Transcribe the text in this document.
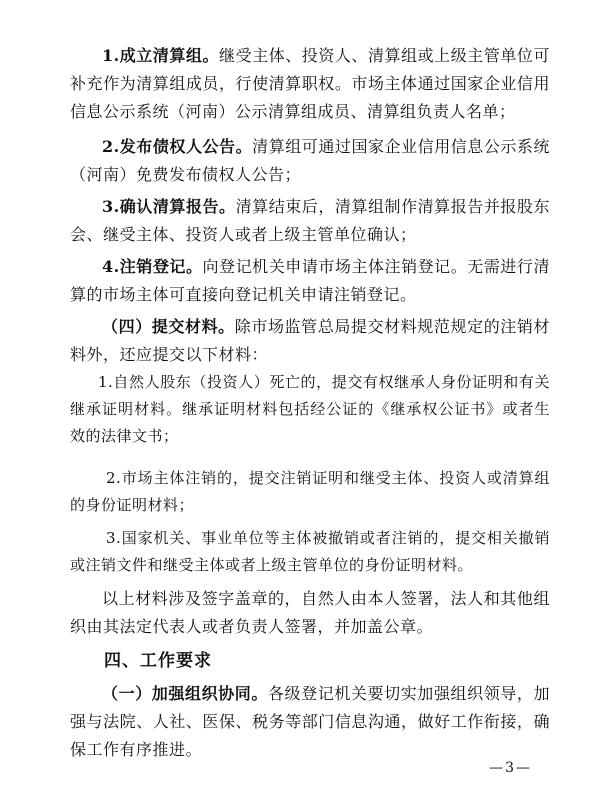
1.成立清算组。继受主体、投资人、清算组或上级主管单位可补充作为清算组成员，行使清算职权。市场主体通过国家企业信用信息公示系统（河南）公示清算组成员、清算组负责人名单；

2.发布债权人公告。清算组可通过国家企业信用信息公示系统（河南）免费发布债权人公告；

3.确认清算报告。清算结束后，清算组制作清算报告并报股东会、继受主体、投资人或者上级主管单位确认；

4.注销登记。向登记机关申请市场主体注销登记。无需进行清算的市场主体可直接向登记机关申请注销登记。

（四）提交材料。除市场监管总局提交材料规范规定的注销材料外，还应提交以下材料：

1.自然人股东（投资人）死亡的，提交有权继承人身份证明和有关继承证明材料。继承证明材料包括经公证的《继承权公证书》或者生效的法律文书；

2.市场主体注销的，提交注销证明和继受主体、投资人或清算组的身份证明材料；

3.国家机关、事业单位等主体被撤销或者注销的，提交相关撤销或注销文件和继受主体或者上级主管单位的身份证明材料。

以上材料涉及签字盖章的，自然人由本人签署，法人和其他组织由其法定代表人或者负责人签署，并加盖公章。

四、工作要求

（一）加强组织协同。各级登记机关要切实加强组织领导，加强与法院、人社、医保、税务等部门信息沟通，做好工作衔接，确保工作有序推进。

—3—
